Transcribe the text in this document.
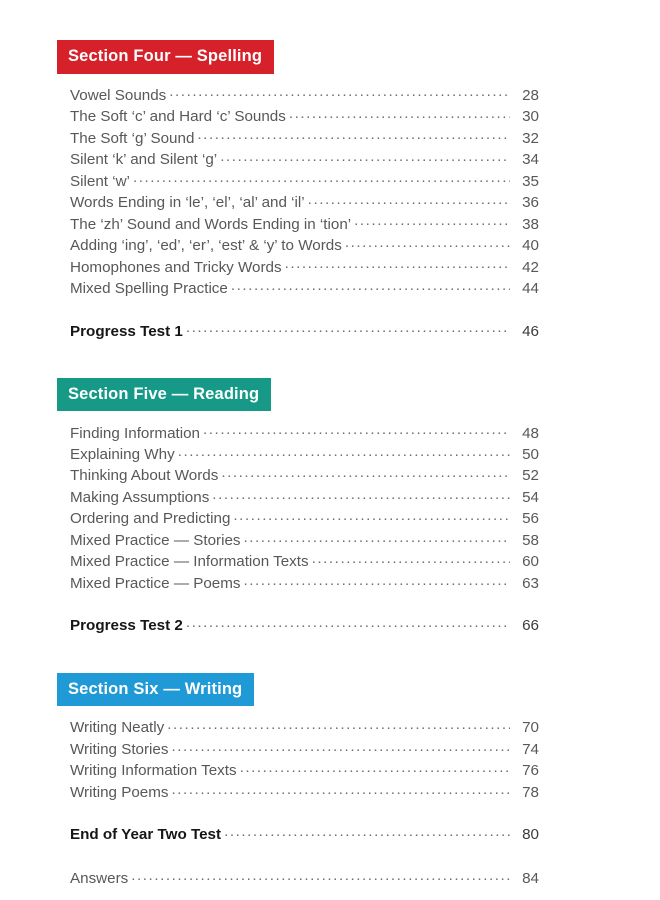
Section Four — Spelling
Vowel Sounds .....	28
The Soft ‘c’ and Hard ‘c’ Sounds .....	30
The Soft ‘g’ Sound .....	32
Silent ‘k’ and Silent ‘g’ .....	34
Silent ‘w’ .....	35
Words Ending in ‘le’, ‘el’, ‘al’ and ‘il’ .....	36
The ‘zh’ Sound and Words Ending in ‘tion’ .....	38
Adding ‘ing’, ‘ed’, ‘er’, ‘est’ & ‘y’ to Words .....	40
Homophones and Tricky Words .....	42
Mixed Spelling Practice .....	44
Progress Test 1 .....	46
Section Five — Reading
Finding Information .....	48
Explaining Why .....	50
Thinking About Words .....	52
Making Assumptions .....	54
Ordering and Predicting .....	56
Mixed Practice — Stories .....	58
Mixed Practice — Information Texts .....	60
Mixed Practice — Poems .....	63
Progress Test 2 .....	66
Section Six — Writing
Writing Neatly .....	70
Writing Stories .....	74
Writing Information Texts .....	76
Writing Poems .....	78
End of Year Two Test .....	80
Answers .....	84
